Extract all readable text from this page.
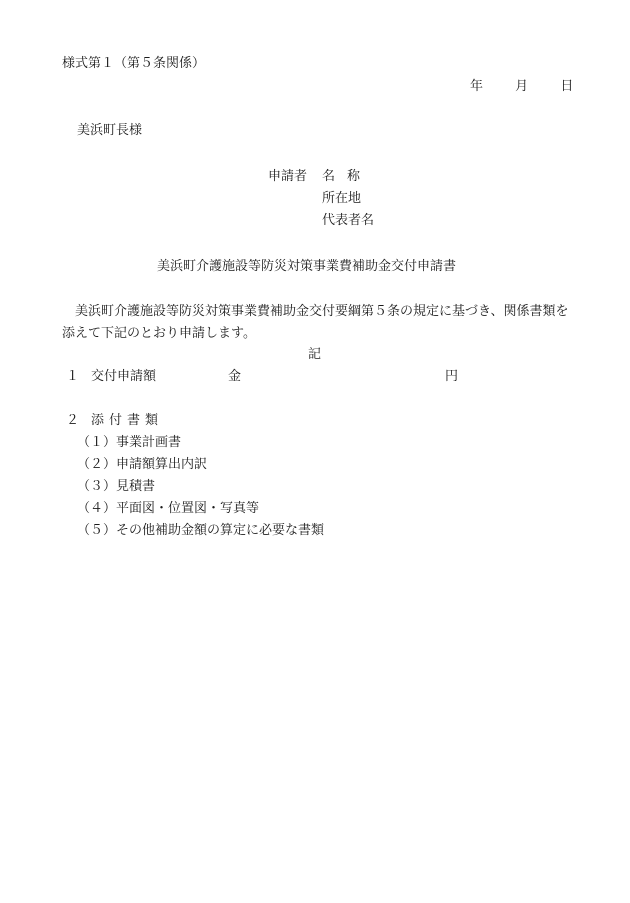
様式第１（第５条関係）
年 月 日
美浜町長様
申請者 名称
所在地
代表者名
美浜町介護施設等防災対策事業費補助金交付申請書
美浜町介護施設等防災対策事業費補助金交付要綱第５条の規定に基づき、関係書類を添えて下記のとおり申請します。
記
１ 交付申請額	金	円
２ 添付書類
（１）事業計画書
（２）申請額算出内訳
（３）見積書
（４）平面図・位置図・写真等
（５）その他補助金額の算定に必要な書類
